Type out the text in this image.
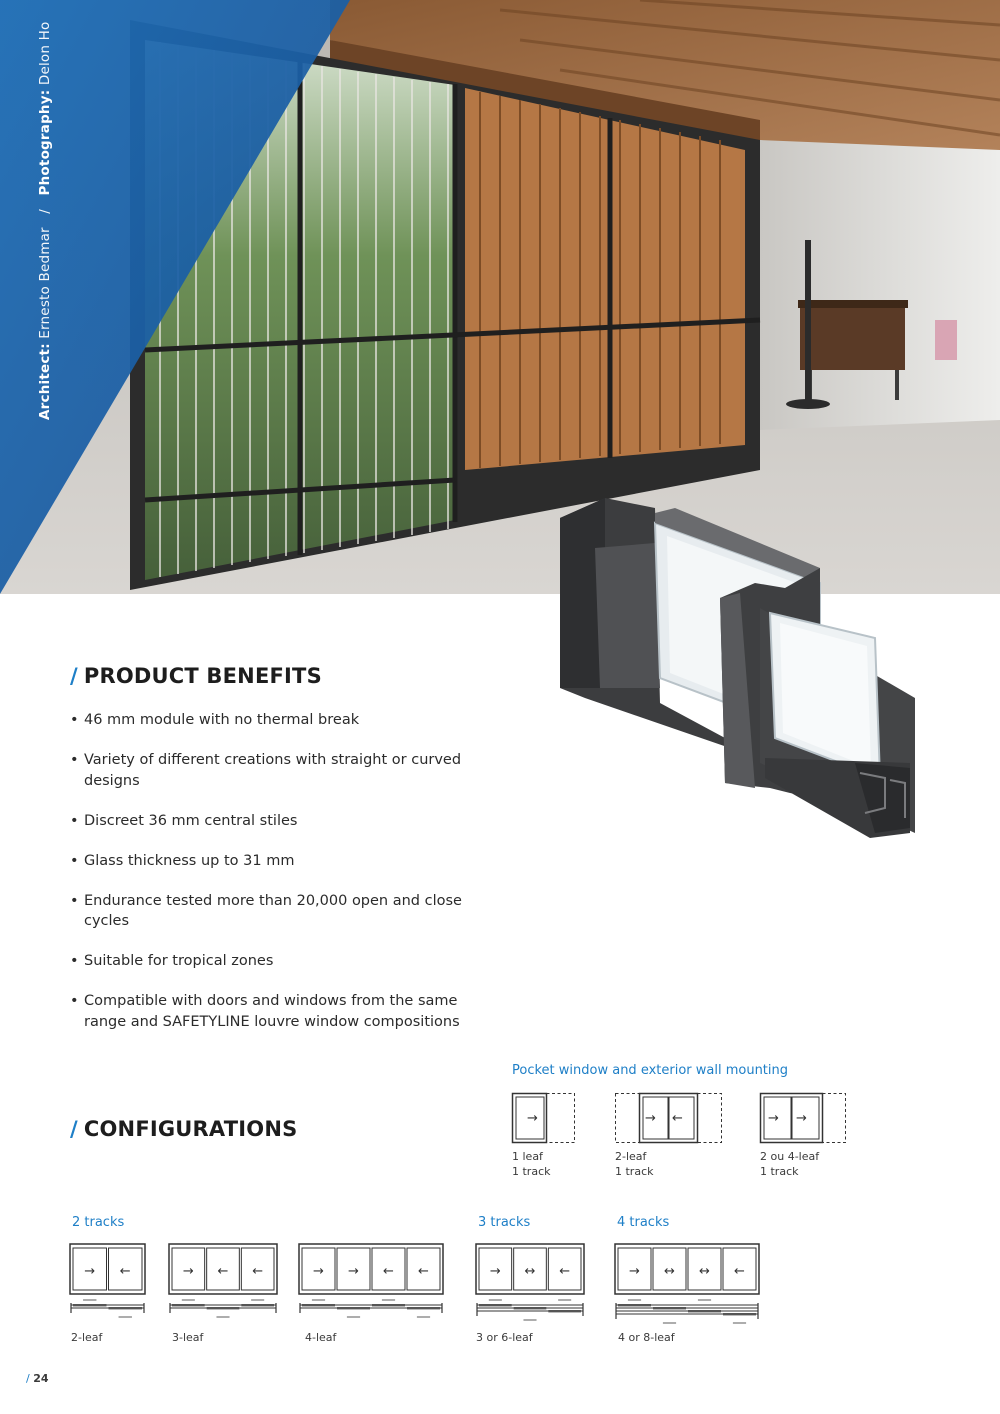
Architect: Ernesto Bedmar   /   Photography: Delon Ho
/ PRODUCT BENEFITS
• 46 mm module with no thermal break
• Variety of different creations with straight or curved designs
• Discreet 36 mm central stiles
• Glass thickness up to 31 mm
• Endurance tested more than 20,000 open and close cycles
• Suitable for tropical zones
• Compatible with doors and windows from the same range and SAFETYLINE louvre window compositions
/ CONFIGURATIONS
Pocket window and exterior wall mounting
→
1 leaf
1 track
→ ←
2-leaf
1 track
→ →
2 ou 4-leaf
1 track
2 tracks	3 tracks	4 tracks
→ ←	→ ← ←	→ → ← ←	→ ↔ ←	→ ↔ ↔ ←
2-leaf	3-leaf	4-leaf	3 or 6-leaf	4 or 8-leaf
/ 24
